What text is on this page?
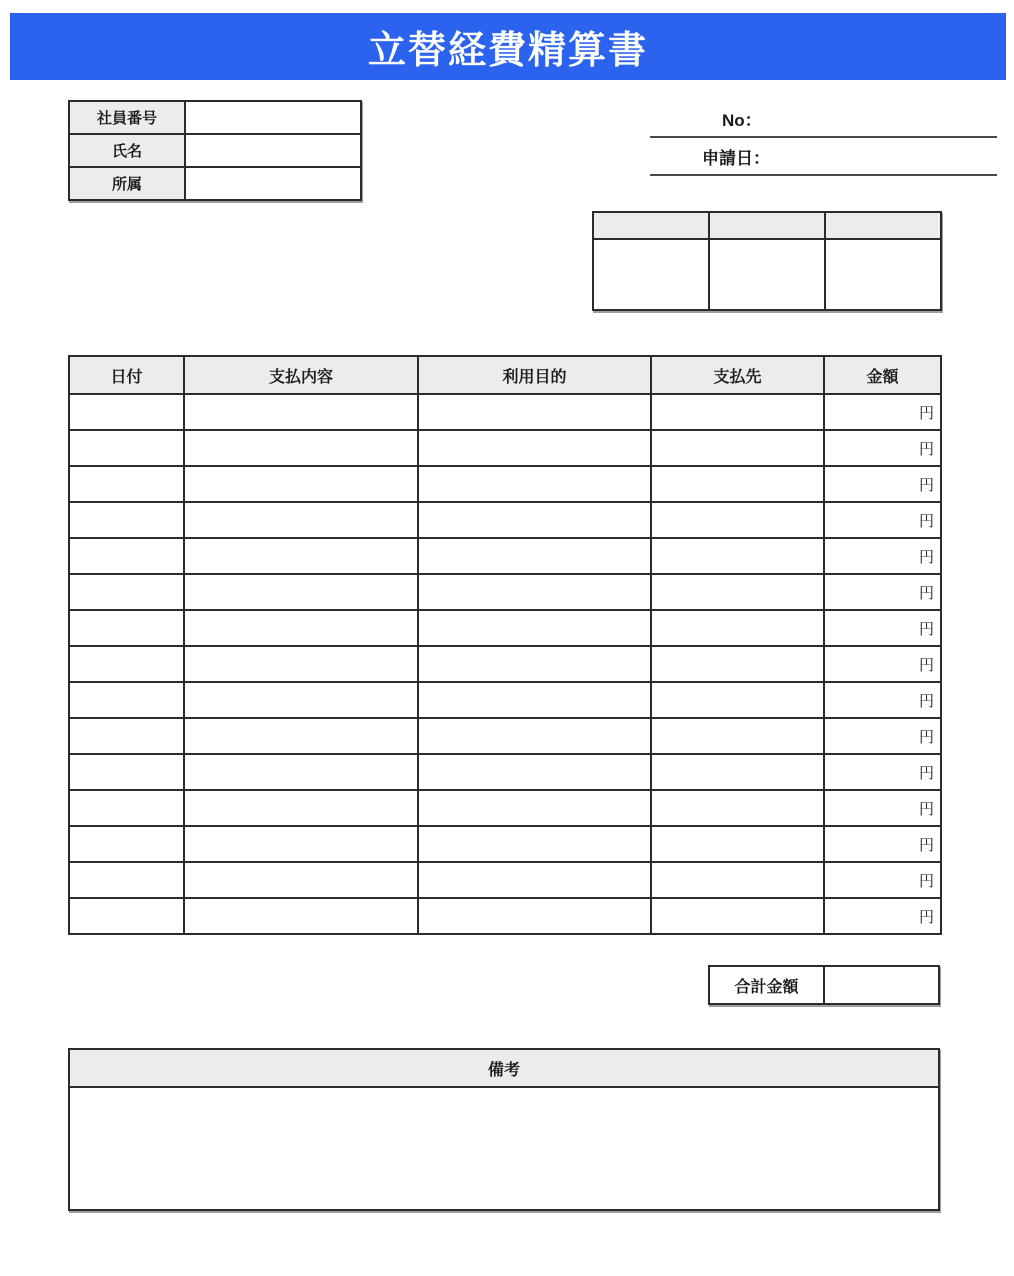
立替経費精算書
社員番号	
氏名	
所属	
No：
申請日：

日付	支払内容	利用目的	支払先	金額
				円
				円
				円
				円
				円
				円
				円
				円
				円
				円
				円
				円
				円
				円
				円
合計金額
備考
